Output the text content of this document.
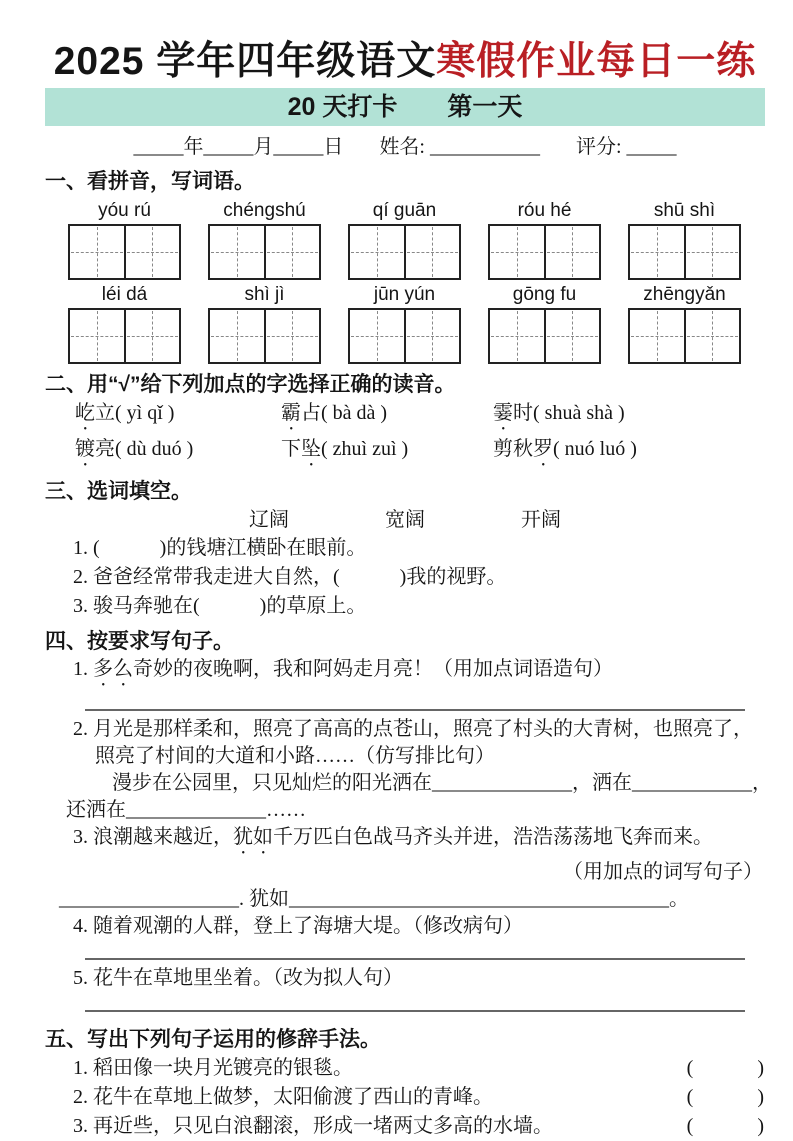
2025 学年四年级语文寒假作业每日一练
20 天打卡　　第一天
_____年_____月_____日 姓名: ___________ 评分: _____
一、看拼音，写词语。
yóu rú	chéngshú	qí guān	róu hé	shū shì
léi dá	shì jì	jūn yún	gōng fu	zhēngyǎn
二、用“√”给下列加点的字选择正确的读音。
屹立( yì qǐ )	霸占( bà dà )	霎时( shuà shà )
镀亮( dù duó )	下坠( zhuì zuì )	剪秋罗( nuó luó )
三、选词填空。
辽阔	宽阔	开阔
1. (　　　)的钱塘江横卧在眼前。
2. 爸爸经常带我走进大自然，(　　　)我的视野。
3. 骏马奔驰在(　　　)的草原上。
四、按要求写句子。
1. 多么奇妙的夜晚啊，我和阿妈走月亮！（用加点词语造句）
2. 月光是那样柔和，照亮了高高的点苍山，照亮了村头的大青树，也照亮了，
照亮了村间的大道和小路……（仿写排比句）
漫步在公园里，只见灿烂的阳光洒在______________，洒在____________，
还洒在______________……
3. 浪潮越来越近，犹如千万匹白色战马齐头并进，浩浩荡荡地飞奔而来。
（用加点的词写句子）
__________________. 犹如______________________________________。
4. 随着观潮的人群，登上了海塘大堤。（修改病句）
5. 花牛在草地里坐着。（改为拟人句）
五、写出下列句子运用的修辞手法。
1. 稻田像一块月光镀亮的银毯。	(　　　)
2. 花牛在草地上做梦，太阳偷渡了西山的青峰。	(　　　)
3. 再近些，只见白浪翻滚，形成一堵两丈多高的水墙。	(　　　)
